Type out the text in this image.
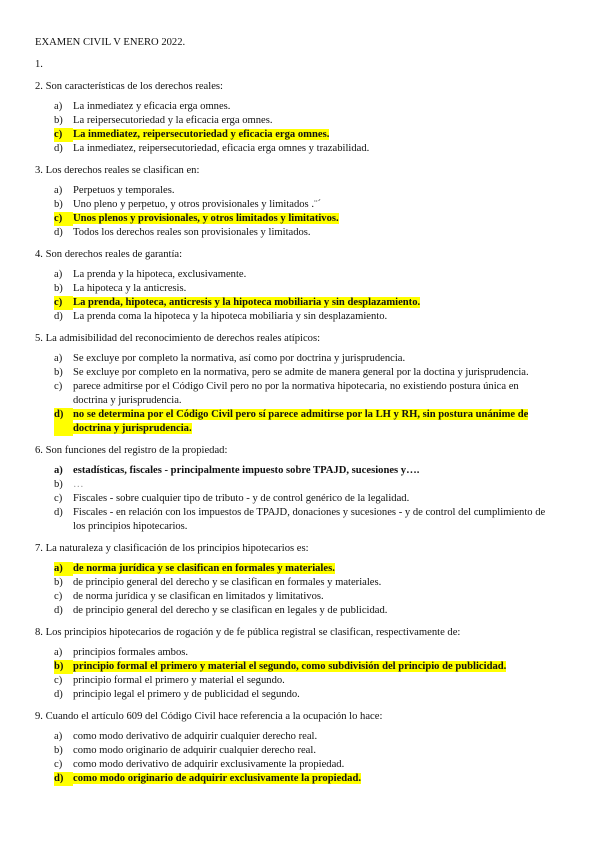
EXAMEN CIVIL V ENERO 2022.
1.
2. Son características de los derechos reales:
a)	La inmediatez y eficacia erga omnes.
b) La reipersecutoriedad y la eficacia erga omnes.
c)	La inmediatez, reipersecutoriedad y eficacia erga omnes.
d) La inmediatez, reipersecutoriedad, eficacia erga omnes y trazabilidad.
3. Los derechos reales se clasifican en:
a)	Perpetuos y temporales.
b) Uno pleno y perpetuo, y otros provisionales y limitados .¨´
c)	Unos plenos y provisionales, y otros limitados y limitativos.
d) Todos los derechos reales son provisionales y limitados.
4. Son derechos reales de garantía:
a)	La prenda y la hipoteca, exclusivamente.
b) La hipoteca y la anticresis.
c)	La prenda, hipoteca, anticresis y la hipoteca mobiliaria y sin desplazamiento.
d) La prenda coma la hipoteca y la hipoteca mobiliaria y sin desplazamiento.
5. La admisibilidad del reconocimiento de derechos reales atípicos:
a)	Se excluye por completo la normativa, así como por doctrina y jurisprudencia.
b) Se excluye por completo en la normativa, pero se admite de manera general por la doctina y jurisprudencia.
c)	parece admitirse por el Código Civil pero no por la normativa hipotecaria, no existiendo postura única en doctrina y jurisprudencia.
d) no se determina por el Código Civil pero sí parece admitirse por la LH y RH, sin postura unánime de doctrina y jurisprudencia.
6. Son funciones del registro de la propiedad:
a) estadísticas, fiscales - principalmente impuesto sobre TPAJD, sucesiones y….
b) …
c)	Fiscales - sobre cualquier tipo de tributo - y de control genérico de la legalidad.
d) Fiscales - en relación con los impuestos de TPAJD, donaciones y sucesiones - y de control del cumplimiento de los principios hipotecarios.
7. La naturaleza y clasificación de los principios hipotecarios es:
a) de norma jurídica y se clasifican en formales y materiales.
b) de principio general del derecho y se clasifican en formales y materiales.
c)	de norma jurídica y se clasifican en limitados y limitativos.
d) de principio general del derecho y se clasifican en legales y de publicidad.
8. Los principios hipotecarios de rogación y de fe pública registral se clasifican, respectivamente de:
a)	principios formales ambos.
b) principio formal el primero y material el segundo, como subdivisión del principio de publicidad.
c)	principio formal el primero y material el segundo.
d) principio legal el primero y de publicidad el segundo.
9. Cuando el artículo 609 del Código Civil hace referencia a la ocupación lo hace:
a)	como modo derivativo de adquirir cualquier derecho real.
b) como modo originario de adquirir cualquier derecho real.
c)	como modo derivativo de adquirir exclusivamente la propiedad.
d) como modo originario de adquirir exclusivamente la propiedad.
